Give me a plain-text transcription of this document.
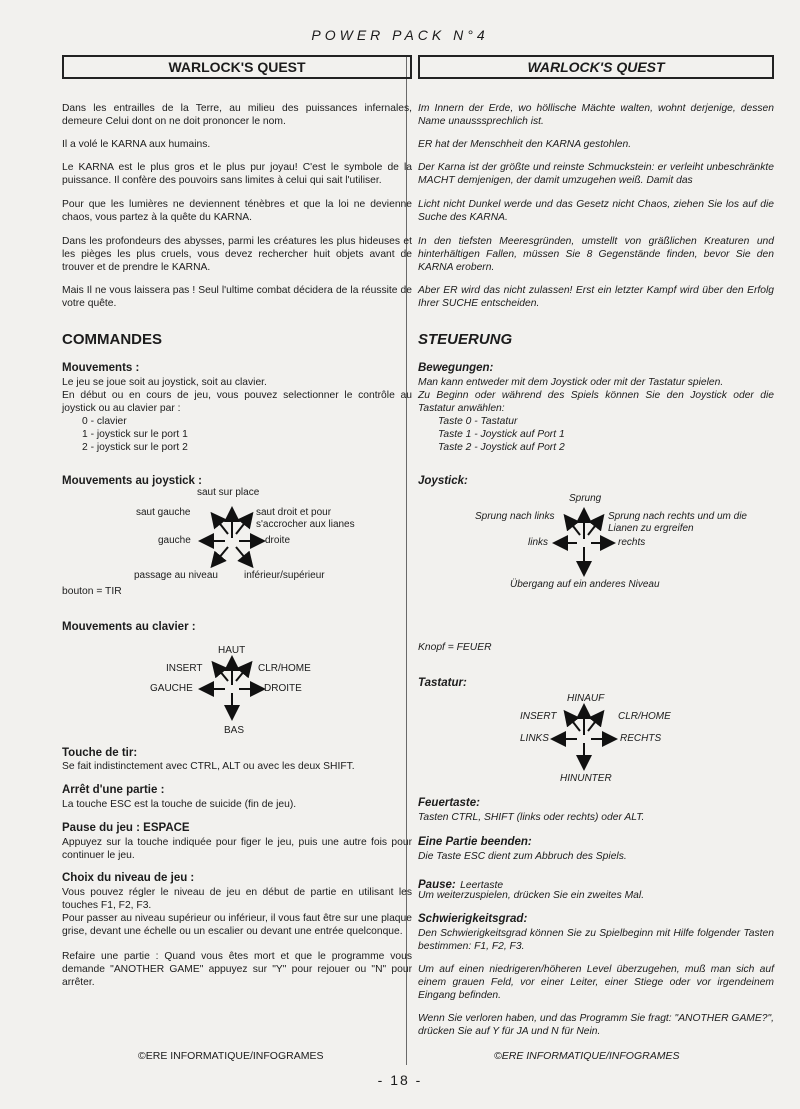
POWER PACK N°4
WARLOCK'S QUEST

Dans les entrailles de la Terre, au milieu des puissances infernales, demeure Celui dont on ne doit prononcer le nom.

Il a volé le KARNA aux humains.

Le KARNA est le plus gros et le plus pur joyau! C'est le symbole de la puissance. Il confère des pouvoirs sans limites à celui qui sait l'utiliser.

Pour que les lumières ne deviennent ténèbres et que la loi ne devienne chaos, vous partez à la quête du KARNA.

Dans les profondeurs des abysses, parmi les créatures les plus hideuses et les pièges les plus cruels, vous devez rechercher huit objets avant de trouver et de prendre le KARNA.

Mais Il ne vous laissera pas ! Seul l'ultime combat décidera de la réussite de votre quête.

COMMANDES
Mouvements :
Le jeu se joue soit au joystick, soit au clavier.

En début ou en cours de jeu, vous pouvez selectionner le contrôle au joystick ou au clavier par :

0 - clavier
1 - joystick sur le port 1
2 - joystick sur le port 2
Mouvements au joystick :
saut sur place
saut gauche	saut droit et pour s'accrocher aux lianes
gauche	droite
passage au niveau	inférieur/supérieur
bouton = TIR
Mouvements au clavier :
HAUT
INSERT	CLR/HOME
GAUCHE	DROITE
BAS
Touche de tir:
Se fait indistinctement avec CTRL, ALT ou avec les deux SHIFT.
Arrêt d'une partie :
La touche ESC est la touche de suicide (fin de jeu).
Pause du jeu : ESPACE

Appuyez sur la touche indiquée pour figer le jeu, puis une autre fois pour continuer le jeu.

Choix du niveau de jeu :

Vous pouvez régler le niveau de jeu en début de partie en utilisant les touches F1, F2, F3.

Pour passer au niveau supérieur ou inférieur, il vous faut être sur une plaque grise, devant une échelle ou un escalier ou devant une entrée quelconque.

Refaire une partie : Quand vous êtes mort et que le programme vous demande "ANOTHER GAME" appuyez sur "Y" pour rejouer ou "N" pour arrêter.

©ERE INFORMATIQUE/INFOGRAMES
WARLOCK'S QUEST

Im Innern der Erde, wo höllische Mächte walten, wohnt derjenige, dessen Name unausssprechlich ist.

ER hat der Menschheit den KARNA gestohlen.

Der Karna ist der größte und reinste Schmuckstein: er verleiht unbeschränkte MACHT demjenigen, der damit umzugehen weiß. Damit das

Licht nicht Dunkel werde und das Gesetz nicht Chaos, ziehen Sie los auf die Suche des KARNA.

In den tiefsten Meeresgründen, umstellt von gräßlichen Kreaturen und hinterhältigen Fallen, müssen Sie 8 Gegenstände finden, bevor Sie den KARNA erobern.

Aber ER wird das nicht zulassen! Erst ein letzter Kampf wird über den Erfolg Ihrer SUCHE entscheiden.

STEUERUNG
Bewegungen:
Man kann entweder mit dem Joystick oder mit der Tastatur spielen.

Zu Beginn oder während des Spiels können Sie den Joystick oder die Tastatur anwählen:

Taste 0 - Tastatur
Taste 1 - Joystick auf Port 1
Taste 2 - Joystick auf Port 2
Joystick:
Sprung
Sprung nach links	Sprung nach rechts und um die Lianen zu ergreifen
links	rechts
Übergang auf ein anderes Niveau
Knopf = FEUER
Tastatur:
HINAUF
INSERT	CLR/HOME
LINKS	RECHTS
HINUNTER
Feuertaste:
Tasten CTRL, SHIFT (links oder rechts) oder ALT.
Eine Partie beenden:
Die Taste ESC dient zum Abbruch des Spiels.
Pause: Leertaste
Um weiterzuspielen, drücken Sie ein zweites Mal.
Schwierigkeitsgrad:

Den Schwierigkeitsgrad können Sie zu Spielbeginn mit Hilfe folgender Tasten bestimmen: F1, F2, F3.

Um auf einen niedrigeren/höheren Level überzugehen, muß man sich auf einem grauen Feld, vor einer Leiter, einer Stiege oder vor irgendeinem Eingang befinden.

Wenn Sie verloren haben, und das Programm Sie fragt: "ANOTHER GAME?", drücken Sie auf Y für JA und N für Nein.

©ERE INFORMATIQUE/INFOGRAMES
- 18 -
